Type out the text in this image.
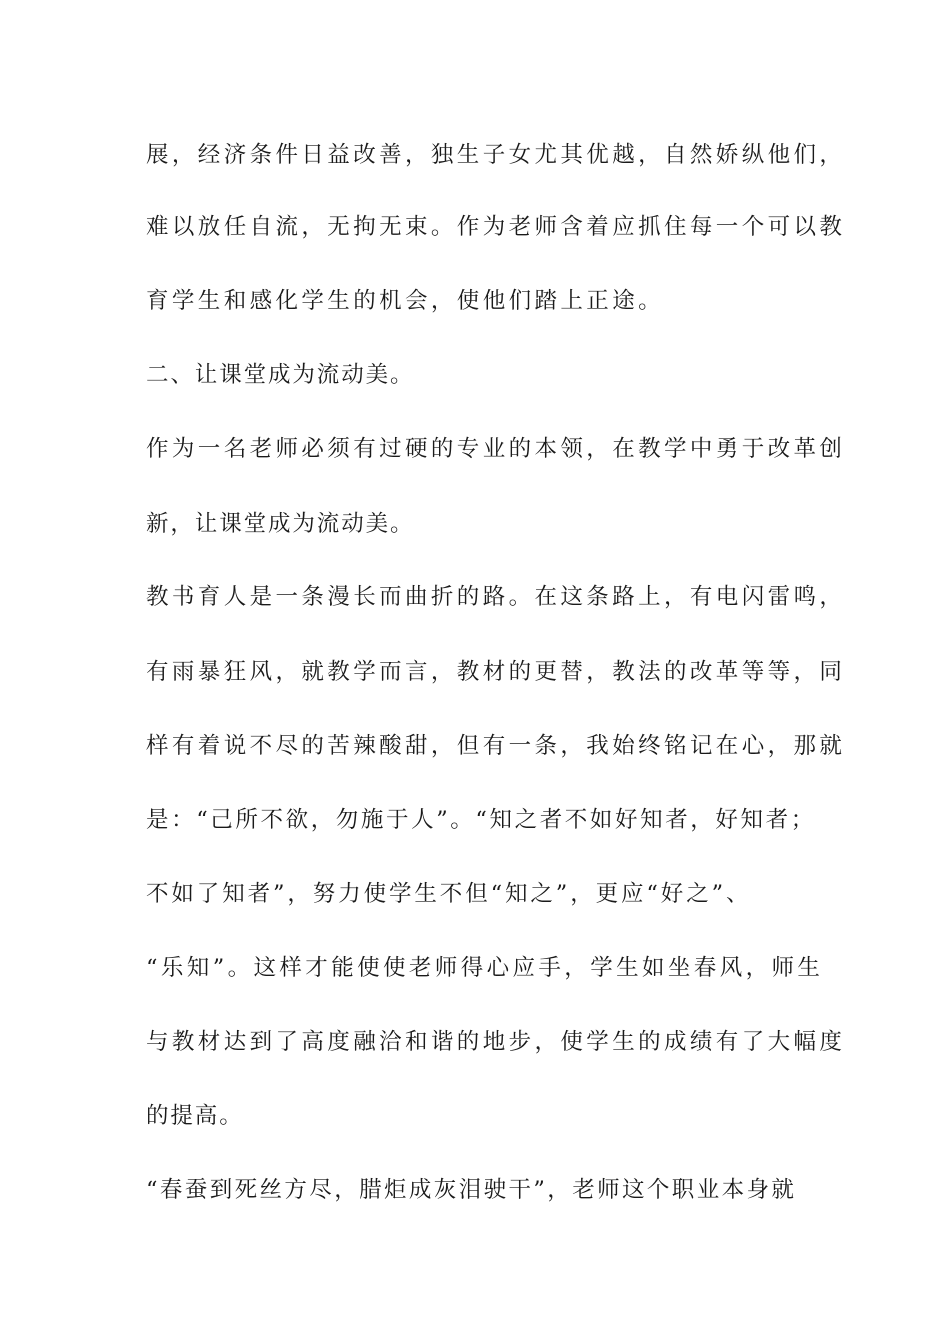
展，经济条件日益改善，独生子女尤其优越，自然娇纵他们，
难以放任自流，无拘无束。作为老师含着应抓住每一个可以教
育学生和感化学生的机会，使他们踏上正途。
二、让课堂成为流动美。
作为一名老师必须有过硬的专业的本领，在教学中勇于改革创
新，让课堂成为流动美。
教书育人是一条漫长而曲折的路。在这条路上，有电闪雷鸣，
有雨暴狂风，就教学而言，教材的更替，教法的改革等等，同
样有着说不尽的苦辣酸甜，但有一条，我始终铭记在心，那就
是：“己所不欲，勿施于人”。“知之者不如好知者，好知者；
不如了知者”，努力使学生不但“知之”，更应“好之”、
“乐知”。这样才能使使老师得心应手，学生如坐春风，师生
与教材达到了高度融洽和谐的地步，使学生的成绩有了大幅度
的提高。
“春蚕到死丝方尽，腊炬成灰泪驶干”，老师这个职业本身就
